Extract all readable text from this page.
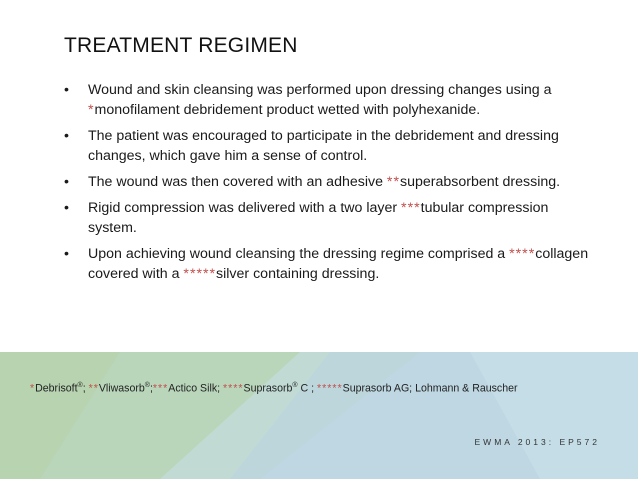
TREATMENT REGIMEN
• Wound and skin cleansing was performed upon dressing changes using a *monofilament debridement product wetted with polyhexanide.
• The patient was encouraged to participate in the debridement and dressing changes, which gave him a sense of control.
• The wound was then covered with an adhesive **superabsorbent dressing.
• Rigid compression was delivered with a two layer ***tubular compression system.
• Upon achieving wound cleansing the dressing regime comprised a ****collagen covered with a *****silver containing dressing.
*Debrisoft®; **Vliwasorb®;***Actico Silk; ****Suprasorb® C ; *****Suprasorb AG; Lohmann & Rauscher
EWMA 2013: EP572
